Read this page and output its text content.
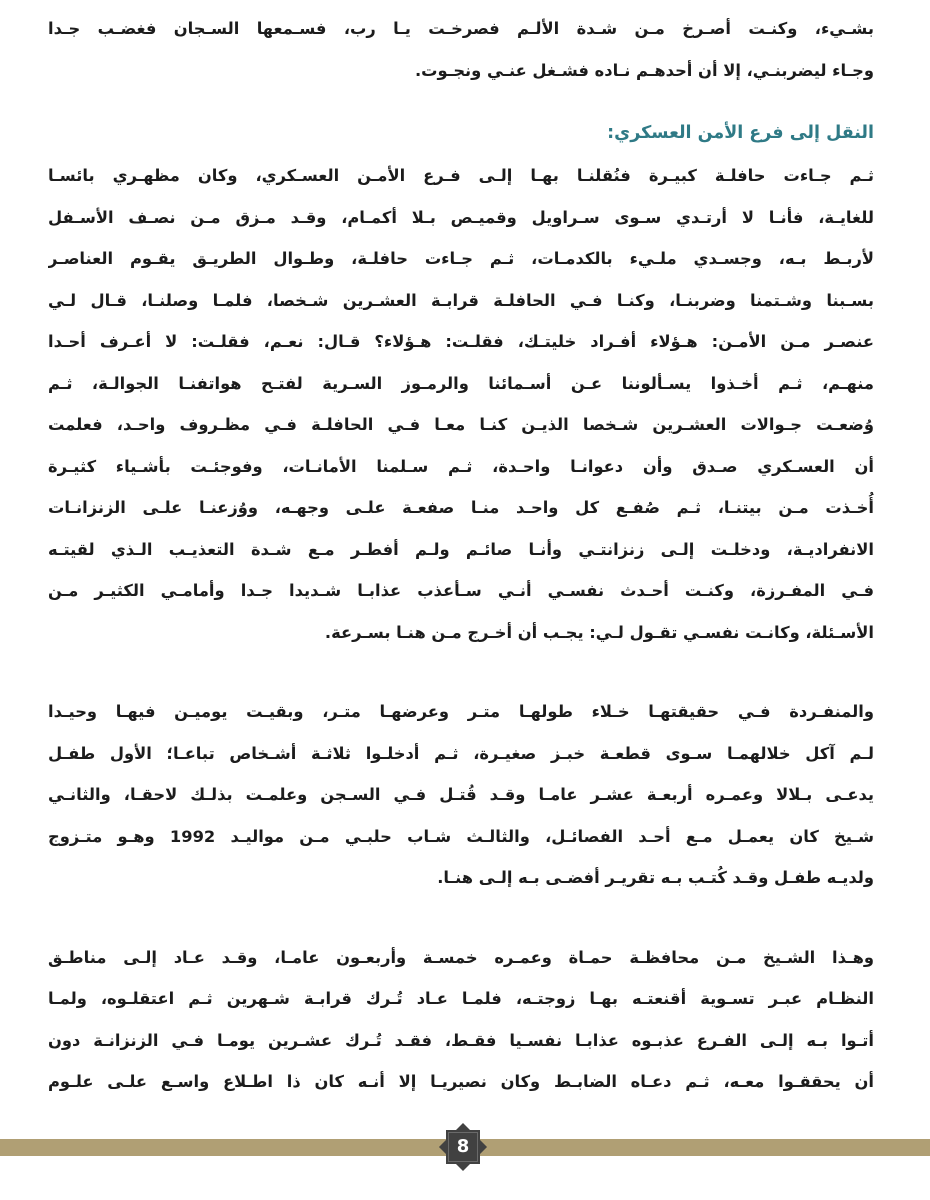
بشـيء، وكنـت أصـرخ مـن شـدة الألـم فصرخـت يـا رب، فسـمعها السـجان فغضـب جـدا

وجـاء ليضربنـي، إلا أن أحدهـم نـاده فشـغل عنـي ونجـوت.

النقل إلى فرع الأمن العسكري:

ثـم جـاءت حافلـة كبيـرة فنُقلنـا بهـا إلـى فـرع الأمـن العسـكري، وكان مظهـري بائسـا

للغايـة، فأنـا لا أرتـدي سـوى سـراويل وقميـص بـلا أكمـام، وقـد مـزق مـن نصـف الأسـفل

لأربـط بـه، وجسـدي ملـيء بالكدمـات، ثـم جـاءت حافلـة، وطـوال الطريـق يقـوم العناصـر

بسـبنا وشـتمنا وضربنـا، وكنـا فـي الحافلـة قرابـة العشـرين شـخصا، فلمـا وصلنـا، قـال لـي

عنصـر مـن الأمـن: هـؤلاء أفـراد خليتـك، فقلـت: هـؤلاء؟ قـال: نعـم، فقلـت: لا أعـرف أحـدا

منهـم، ثـم أخـذوا يسـألوننا عـن أسـمائنا والرمـوز السـرية لفتـح هواتفنـا الجوالـة، ثـم

وُضعـت جـوالات العشـرين شـخصا الذيـن كنـا معـا فـي الحافلـة فـي مظـروف واحـد، فعلمت

أن العسـكري صـدق وأن دعوانـا واحـدة، ثـم سـلمنا الأمانـات، وفوجئـت بأشـياء كثيـرة

أُخـذت مـن بيتنـا، ثـم صُفـع كل واحـد منـا صفعـة علـى وجهـه، ووُزعنـا علـى الزنزانـات

الانفراديـة، ودخلـت إلـى زنزانتـي وأنـا صائـم ولـم أفطـر مـع شـدة التعذيـب الـذي لقيتـه

فـي المفـرزة، وكنـت أحـدث نفسـي أنـي سـأعذب عذابـا شـديدا جـدا وأمامـي الكثيـر مـن

الأسـئلة، وكانـت نفسـي تقـول لـي: يجـب أن أخـرج مـن هنـا بسـرعة.

والمنفـردة فـي حقيقتهـا خـلاء طولهـا متـر وعرضهـا متـر، وبقيـت يوميـن فيهـا وحيـدا

لـم آكل خلالهمـا سـوى قطعـة خبـز صغيـرة، ثـم أدخلـوا ثلاثـة أشـخاص تباعـا؛ الأول طفـل

يدعـى بـلالا وعمـره أربعـة عشـر عامـا وقـد قُتـل فـي السـجن وعلمـت بذلـك لاحقـا، والثانـي

شـيخ كان يعمـل مـع أحـد الفصائـل، والثالـث شـاب حلبـي مـن مواليـد 1992 وهـو متـزوج

ولديـه طفـل وقـد كُتـب بـه تقريـر أفضـى بـه إلـى هنـا.

وهـذا الشـيخ مـن محافظـة حمـاة وعمـره خمسـة وأربعـون عامـا، وقـد عـاد إلـى مناطـق

النظـام عبـر تسـوية أقنعتـه بهـا زوجتـه، فلمـا عـاد تُـرك قرابـة شـهرين ثـم اعتقلـوه، ولمـا

أتـوا بـه إلـى الفـرع عذبـوه عذابـا نفسـيا فقـط، فقـد تُـرك عشـرين يومـا فـي الزنزانـة دون

أن يحققـوا معـه، ثـم دعـاه الضابـط وكان نصيريـا إلا أنـه كان ذا اطـلاع واسـع علـى علـوم

8
